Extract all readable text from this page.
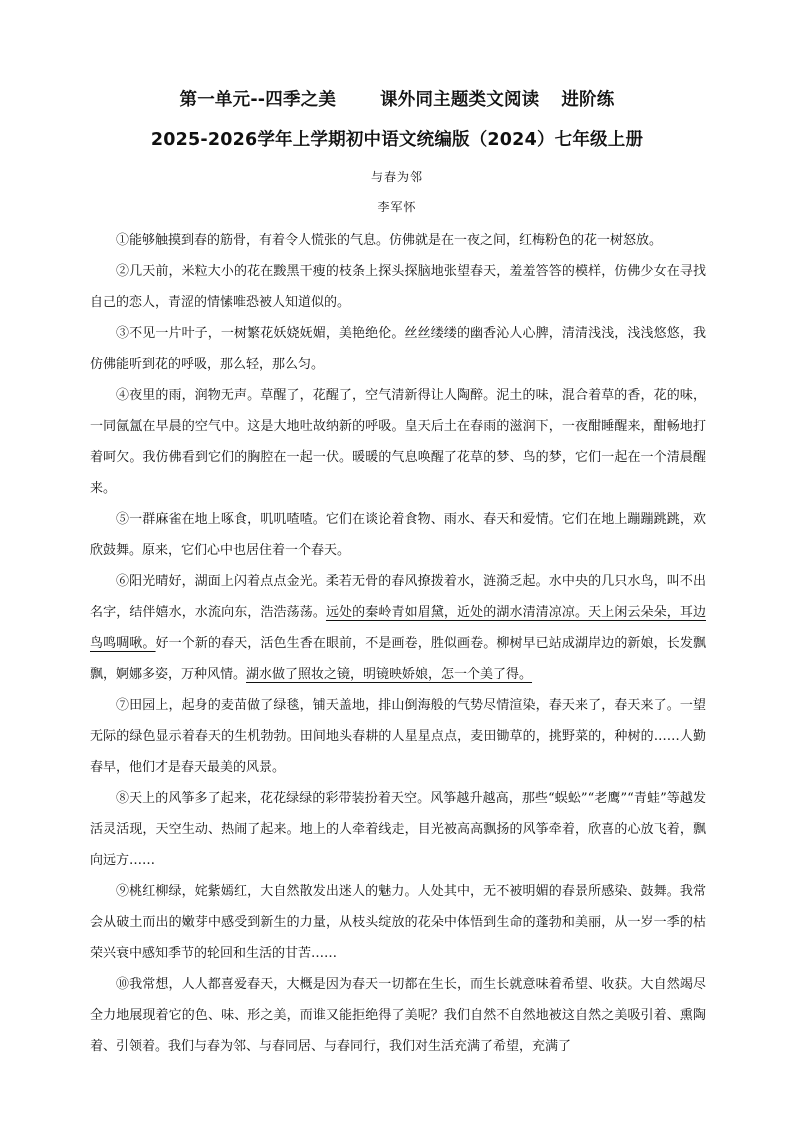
第一单元--四季之美	课外同主题类文阅读 进阶练
2025-2026学年上学期初中语文统编版（2024）七年级上册
与春为邻
李军怀

①能够触摸到春的筋骨，有着令人慌张的气息。仿佛就是在一夜之间，红梅粉色的花一树怒放。

②几天前，米粒大小的花在黢黑干瘦的枝条上探头探脑地张望春天，羞羞答答的模样，仿佛少女在寻找自己的恋人，青涩的情愫唯恐被人知道似的。

③不见一片叶子，一树繁花妖娆妩媚，美艳绝伦。丝丝缕缕的幽香沁人心脾，清清浅浅，浅浅悠悠，我仿佛能听到花的呼吸，那么轻，那么匀。

④夜里的雨，润物无声。草醒了，花醒了，空气清新得让人陶醉。泥土的味，混合着草的香，花的味，一同氤氲在早晨的空气中。这是大地吐故纳新的呼吸。皇天后土在春雨的滋润下，一夜酣睡醒来，酣畅地打着呵欠。我仿佛看到它们的胸腔在一起一伏。暖暖的气息唤醒了花草的梦、鸟的梦，它们一起在一个清晨醒来。

⑤一群麻雀在地上啄食，叽叽喳喳。它们在谈论着食物、雨水、春天和爱情。它们在地上蹦蹦跳跳，欢欣鼓舞。原来，它们心中也居住着一个春天。

⑥阳光晴好，湖面上闪着点点金光。柔若无骨的春风撩拨着水，涟漪乏起。水中央的几只水鸟，叫不出名字，结伴嬉水，水流向东，浩浩荡荡。远处的秦岭青如眉黛，近处的湖水清清凉凉。天上闲云朵朵，耳边鸟鸣啁啾。好一个新的春天，活色生香在眼前，不是画卷，胜似画卷。柳树早已站成湖岸边的新娘，长发飘飘，婀娜多姿，万种风情。湖水做了照妆之镜，明镜映娇娘，怎一个美了得。

⑦田园上，起身的麦苗做了绿毯，铺天盖地，排山倒海般的气势尽情渲染，春天来了，春天来了。一望无际的绿色显示着春天的生机勃勃。田间地头春耕的人星星点点，麦田锄草的，挑野菜的，种树的……人勤春早，他们才是春天最美的风景。

⑧天上的风筝多了起来，花花绿绿的彩带装扮着天空。风筝越升越高，那些“蜈蚣”“老鹰”“青蛙”等越发活灵活现，天空生动、热闹了起来。地上的人牵着线走，目光被高高飘扬的风筝牵着，欣喜的心放飞着，飘向远方……

⑨桃红柳绿，姹紫嫣红，大自然散发出迷人的魅力。人处其中，无不被明媚的春景所感染、鼓舞。我常会从破土而出的嫩芽中感受到新生的力量，从枝头绽放的花朵中体悟到生命的蓬勃和美丽，从一岁一季的枯荣兴衰中感知季节的轮回和生活的甘苦……

⑩我常想，人人都喜爱春天，大概是因为春天一切都在生长，而生长就意味着希望、收获。大自然竭尽全力地展现着它的色、味、形之美，而谁又能拒绝得了美呢？我们自然不自然地被这自然之美吸引着、熏陶着、引领着。我们与春为邻、与春同居、与春同行，我们对生活充满了希望，充满了
